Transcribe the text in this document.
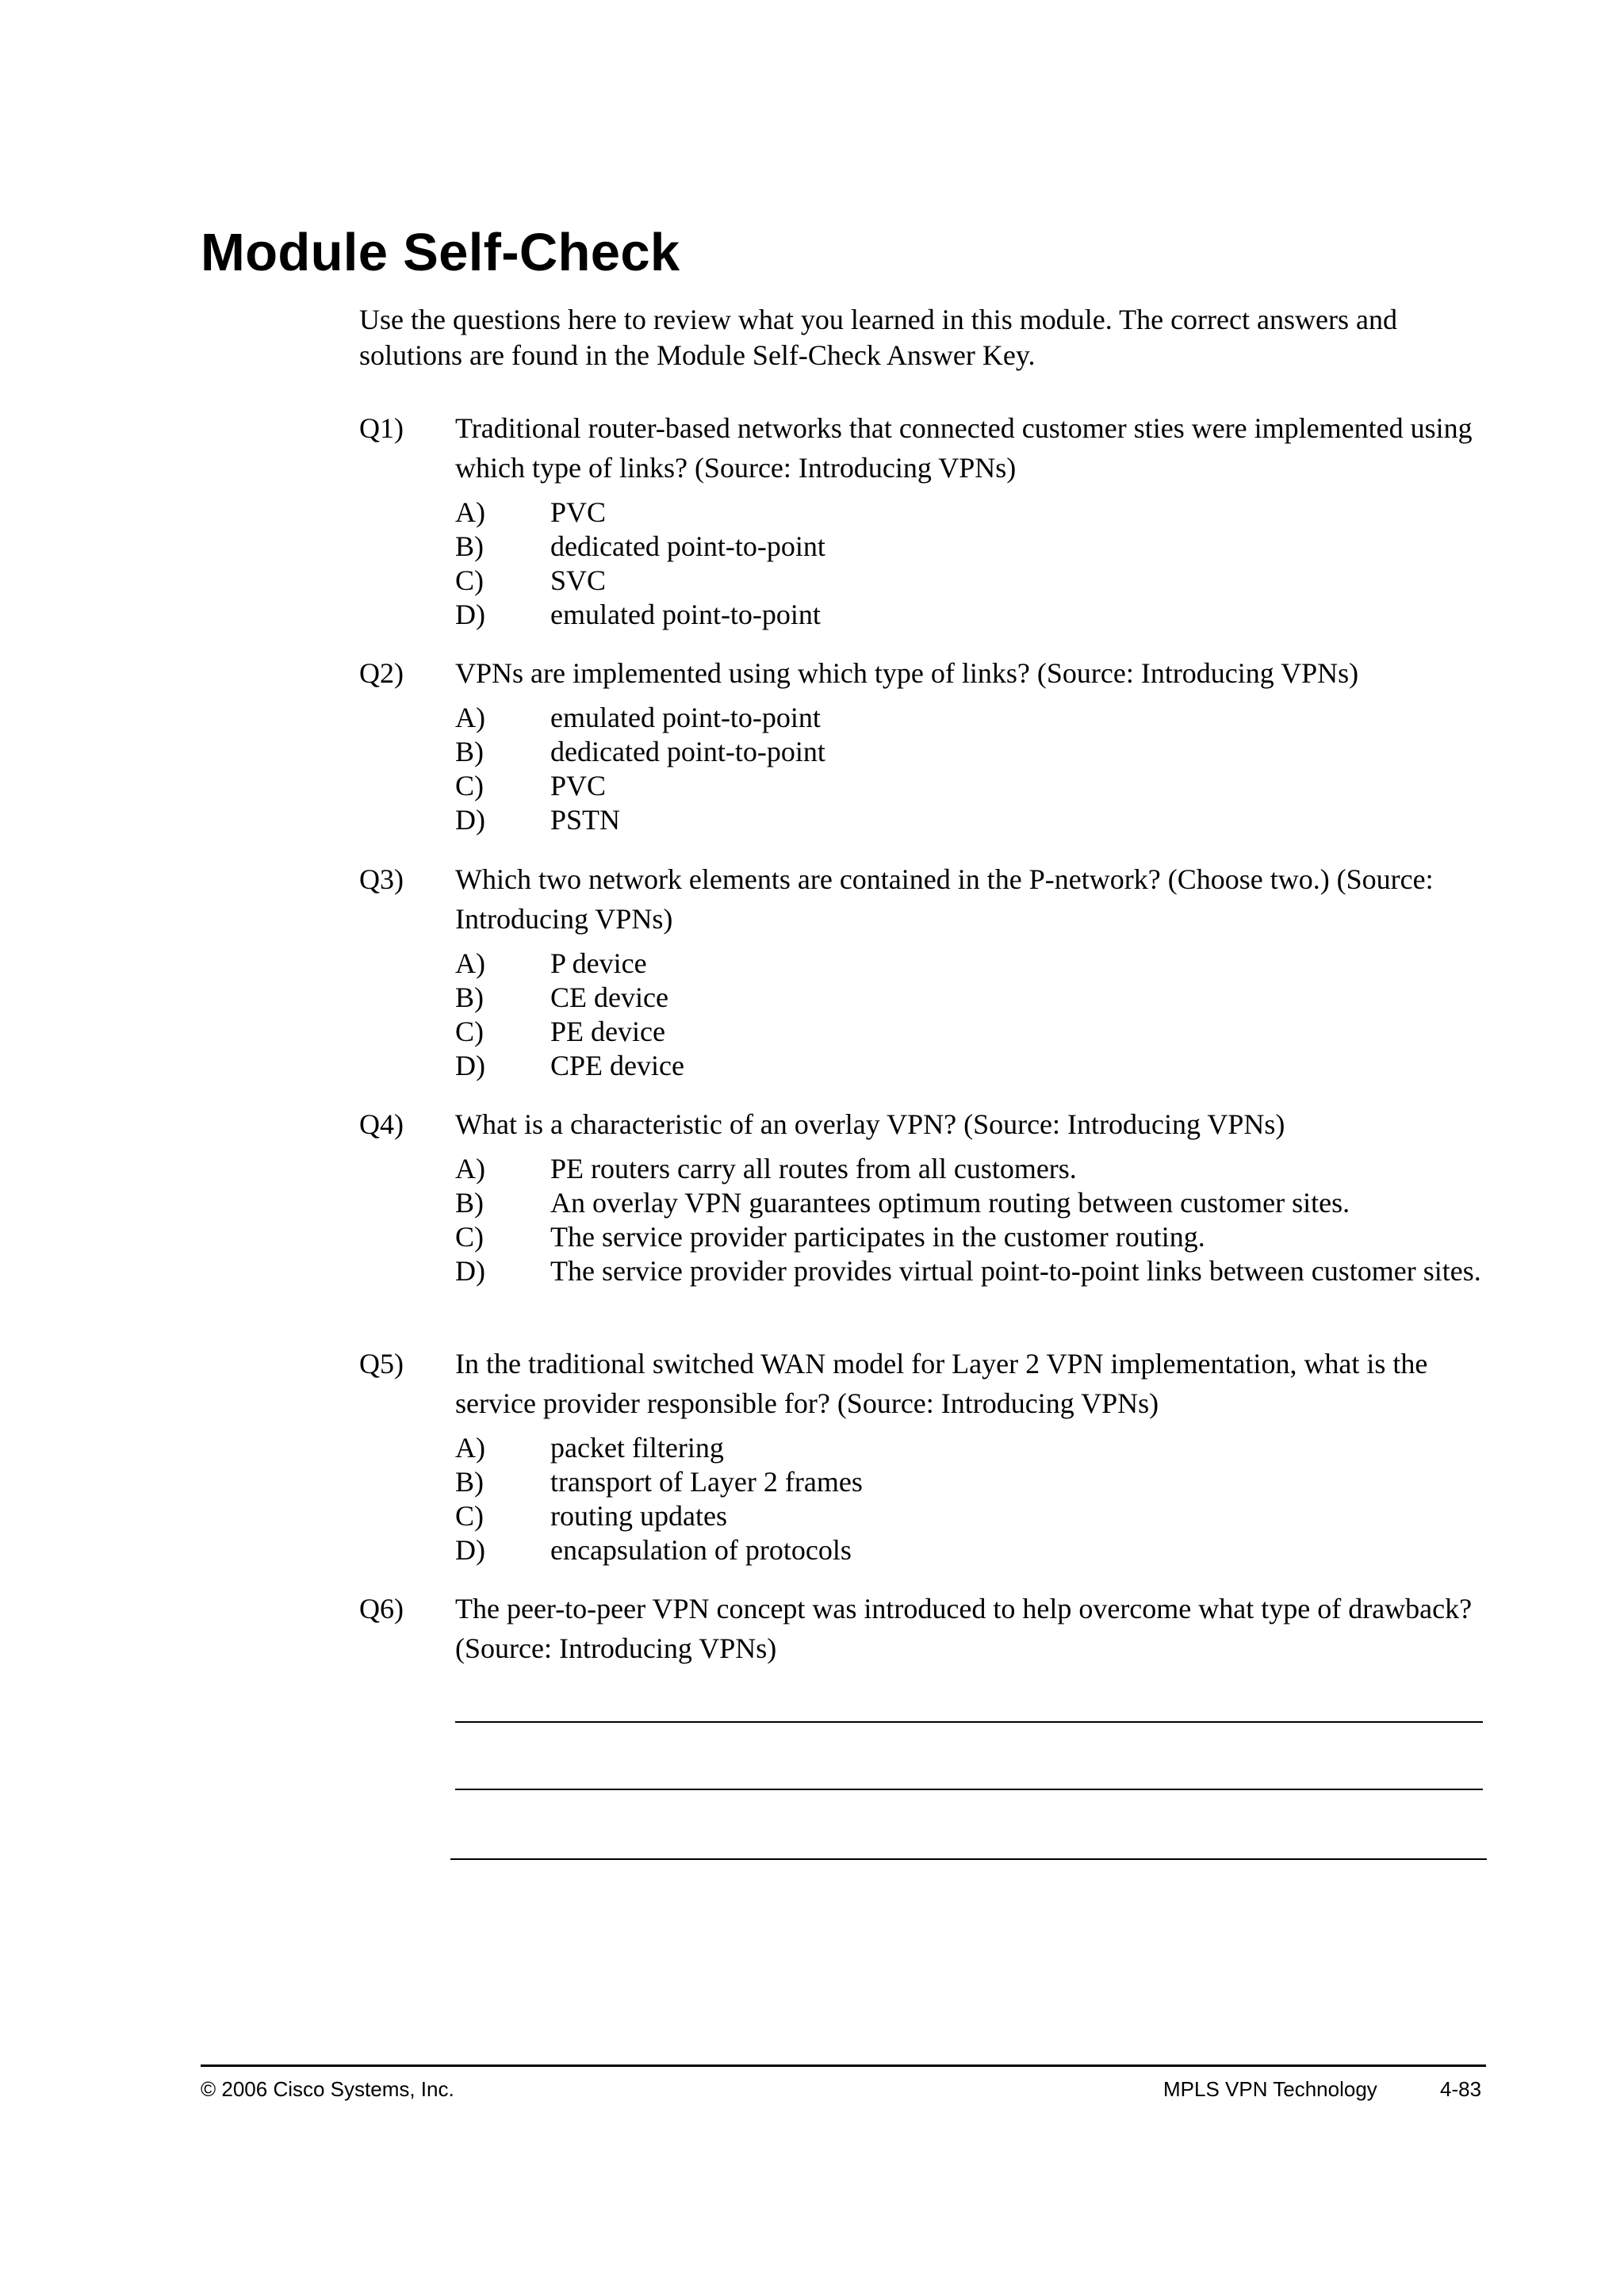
Module Self-Check
Use the questions here to review what you learned in this module. The correct answers and solutions are found in the Module Self-Check Answer Key.
Q1) Traditional router-based networks that connected customer sties were implemented using which type of links? (Source: Introducing VPNs)
A) PVC
B) dedicated point-to-point
C) SVC
D) emulated point-to-point
Q2) VPNs are implemented using which type of links? (Source: Introducing VPNs)
A) emulated point-to-point
B) dedicated point-to-point
C) PVC
D) PSTN
Q3) Which two network elements are contained in the P-network? (Choose two.) (Source: Introducing VPNs)
A) P device
B) CE device
C) PE device
D) CPE device
Q4) What is a characteristic of an overlay VPN? (Source: Introducing VPNs)
A) PE routers carry all routes from all customers.
B) An overlay VPN guarantees optimum routing between customer sites.
C) The service provider participates in the customer routing.
D) The service provider provides virtual point-to-point links between customer sites.
Q5) In the traditional switched WAN model for Layer 2 VPN implementation, what is the service provider responsible for? (Source: Introducing VPNs)
A) packet filtering
B) transport of Layer 2 frames
C) routing updates
D) encapsulation of protocols
Q6) The peer-to-peer VPN concept was introduced to help overcome what type of drawback? (Source: Introducing VPNs)
© 2006 Cisco Systems, Inc.	MPLS VPN Technology	4-83
